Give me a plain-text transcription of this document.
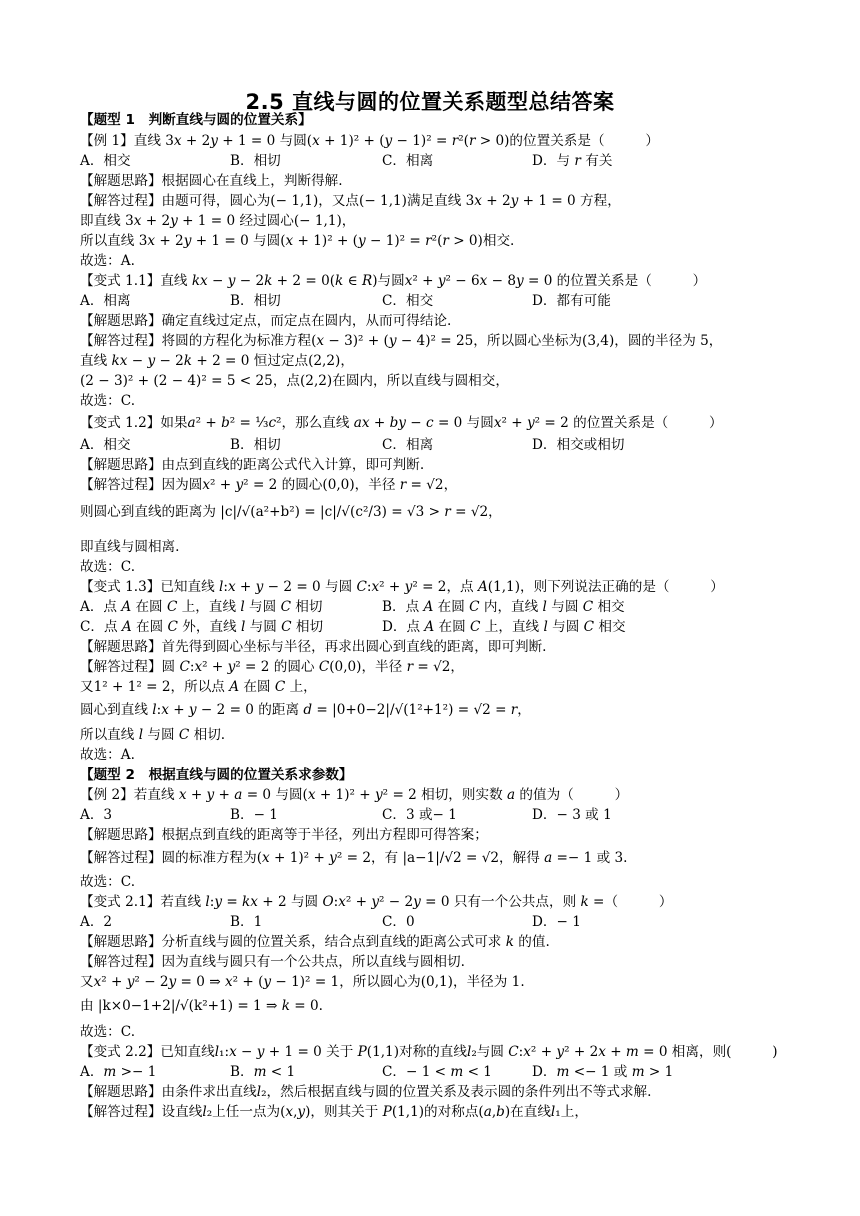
2.5 直线与圆的位置关系题型总结答案
【题型 1　判断直线与圆的位置关系】
【例 1】直线 3𝑥 + 2𝑦 + 1 = 0 与圆(𝑥 + 1)² + (𝑦 − 1)² = 𝑟²(𝑟 > 0)的位置关系是（　　　）
A．相交	B．相切	C．相离	D．与 𝑟 有关
【解题思路】根据圆心在直线上，判断得解.
【解答过程】由题可得，圆心为(− 1,1)，又点(− 1,1)满足直线 3𝑥 + 2𝑦 + 1 = 0 方程，
即直线 3𝑥 + 2𝑦 + 1 = 0 经过圆心(− 1,1)，
所以直线 3𝑥 + 2𝑦 + 1 = 0 与圆(𝑥 + 1)² + (𝑦 − 1)² = 𝑟²(𝑟 > 0)相交.
故选：A.
【变式 1.1】直线 𝑘𝑥 − 𝑦 − 2𝑘 + 2 = 0(𝑘 ∈ 𝑅)与圆𝑥² + 𝑦² − 6𝑥 − 8𝑦 = 0 的位置关系是（　　　）
A．相离	B．相切	C．相交	D．都有可能
【解题思路】确定直线过定点，而定点在圆内，从而可得结论.
【解答过程】将圆的方程化为标准方程(𝑥 − 3)² + (𝑦 − 4)² = 25，所以圆心坐标为(3,4)，圆的半径为 5，
直线 𝑘𝑥 − 𝑦 − 2𝑘 + 2 = 0 恒过定点(2,2)，
(2 − 3)² + (2 − 4)² = 5 < 25，点(2,2)在圆内，所以直线与圆相交，
故选：C.
【变式 1.2】如果𝑎² + 𝑏² = ⅓𝑐²，那么直线 𝑎𝑥 + 𝑏𝑦 − 𝑐 = 0 与圆𝑥² + 𝑦² = 2 的位置关系是（　　　）
A．相交	B．相切	C．相离	D．相交或相切
【解题思路】由点到直线的距离公式代入计算，即可判断.
【解答过程】因为圆𝑥² + 𝑦² = 2 的圆心(0,0)，半径 𝑟 = √2，
则圆心到直线的距离为 |c|/√(a²+b²) = |c|/√(c²/3) = √3 > 𝑟 = √2，
即直线与圆相离.
故选：C.
【变式 1.3】已知直线 𝑙:𝑥 + 𝑦 − 2 = 0 与圆 𝐶:𝑥² + 𝑦² = 2，点 𝐴(1,1)，则下列说法正确的是（　　　）
A．点 𝐴 在圆 𝐶 上，直线 𝑙 与圆 𝐶 相切	B．点 𝐴 在圆 𝐶 内，直线 𝑙 与圆 𝐶 相交
C．点 𝐴 在圆 𝐶 外，直线 𝑙 与圆 𝐶 相切	D．点 𝐴 在圆 𝐶 上，直线 𝑙 与圆 𝐶 相交
【解题思路】首先得到圆心坐标与半径，再求出圆心到直线的距离，即可判断.
【解答过程】圆 𝐶:𝑥² + 𝑦² = 2 的圆心 𝐶(0,0)，半径 𝑟 = √2，
又1² + 1² = 2，所以点 𝐴 在圆 𝐶 上，
圆心到直线 𝑙:𝑥 + 𝑦 − 2 = 0 的距离 𝑑 = |0+0−2|/√(1²+1²) = √2 = 𝑟，
所以直线 𝑙 与圆 𝐶 相切.
故选：A.
【题型 2　根据直线与圆的位置关系求参数】
【例 2】若直线 𝑥 + 𝑦 + 𝑎 = 0 与圆(𝑥 + 1)² + 𝑦² = 2 相切，则实数 𝑎 的值为（　　　）
A．3	B．− 1	C．3 或− 1	D．− 3 或 1
【解题思路】根据点到直线的距离等于半径，列出方程即可得答案；
【解答过程】圆的标准方程为(𝑥 + 1)² + 𝑦² = 2，有 |a−1|/√2 = √2，解得 𝑎 =− 1 或 3.
故选：C.
【变式 2.1】若直线 𝑙:𝑦 = 𝑘𝑥 + 2 与圆 𝑂:𝑥² + 𝑦² − 2𝑦 = 0 只有一个公共点，则 𝑘 =（　　　）
A．2	B．1	C．0	D．− 1
【解题思路】分析直线与圆的位置关系，结合点到直线的距离公式可求 𝑘 的值.
【解答过程】因为直线与圆只有一个公共点，所以直线与圆相切.
又𝑥² + 𝑦² − 2𝑦 = 0 ⇒ 𝑥² + (𝑦 − 1)² = 1，所以圆心为(0,1)，半径为 1.
由 |k×0−1+2|/√(k²+1) = 1 ⇒ 𝑘 = 0.
故选：C.
【变式 2.2】已知直线𝑙₁:𝑥 − 𝑦 + 1 = 0 关于 𝑃(1,1)对称的直线𝑙₂与圆 𝐶:𝑥² + 𝑦² + 2𝑥 + 𝑚 = 0 相离，则(　　　)
A．𝑚 >− 1	B．𝑚 < 1	C．− 1 < 𝑚 < 1	D．𝑚 <− 1 或 𝑚 > 1
【解题思路】由条件求出直线𝑙₂，然后根据直线与圆的位置关系及表示圆的条件列出不等式求解.
【解答过程】设直线𝑙₂上任一点为(𝑥,𝑦)，则其关于 𝑃(1,1)的对称点(𝑎,𝑏)在直线𝑙₁上，
